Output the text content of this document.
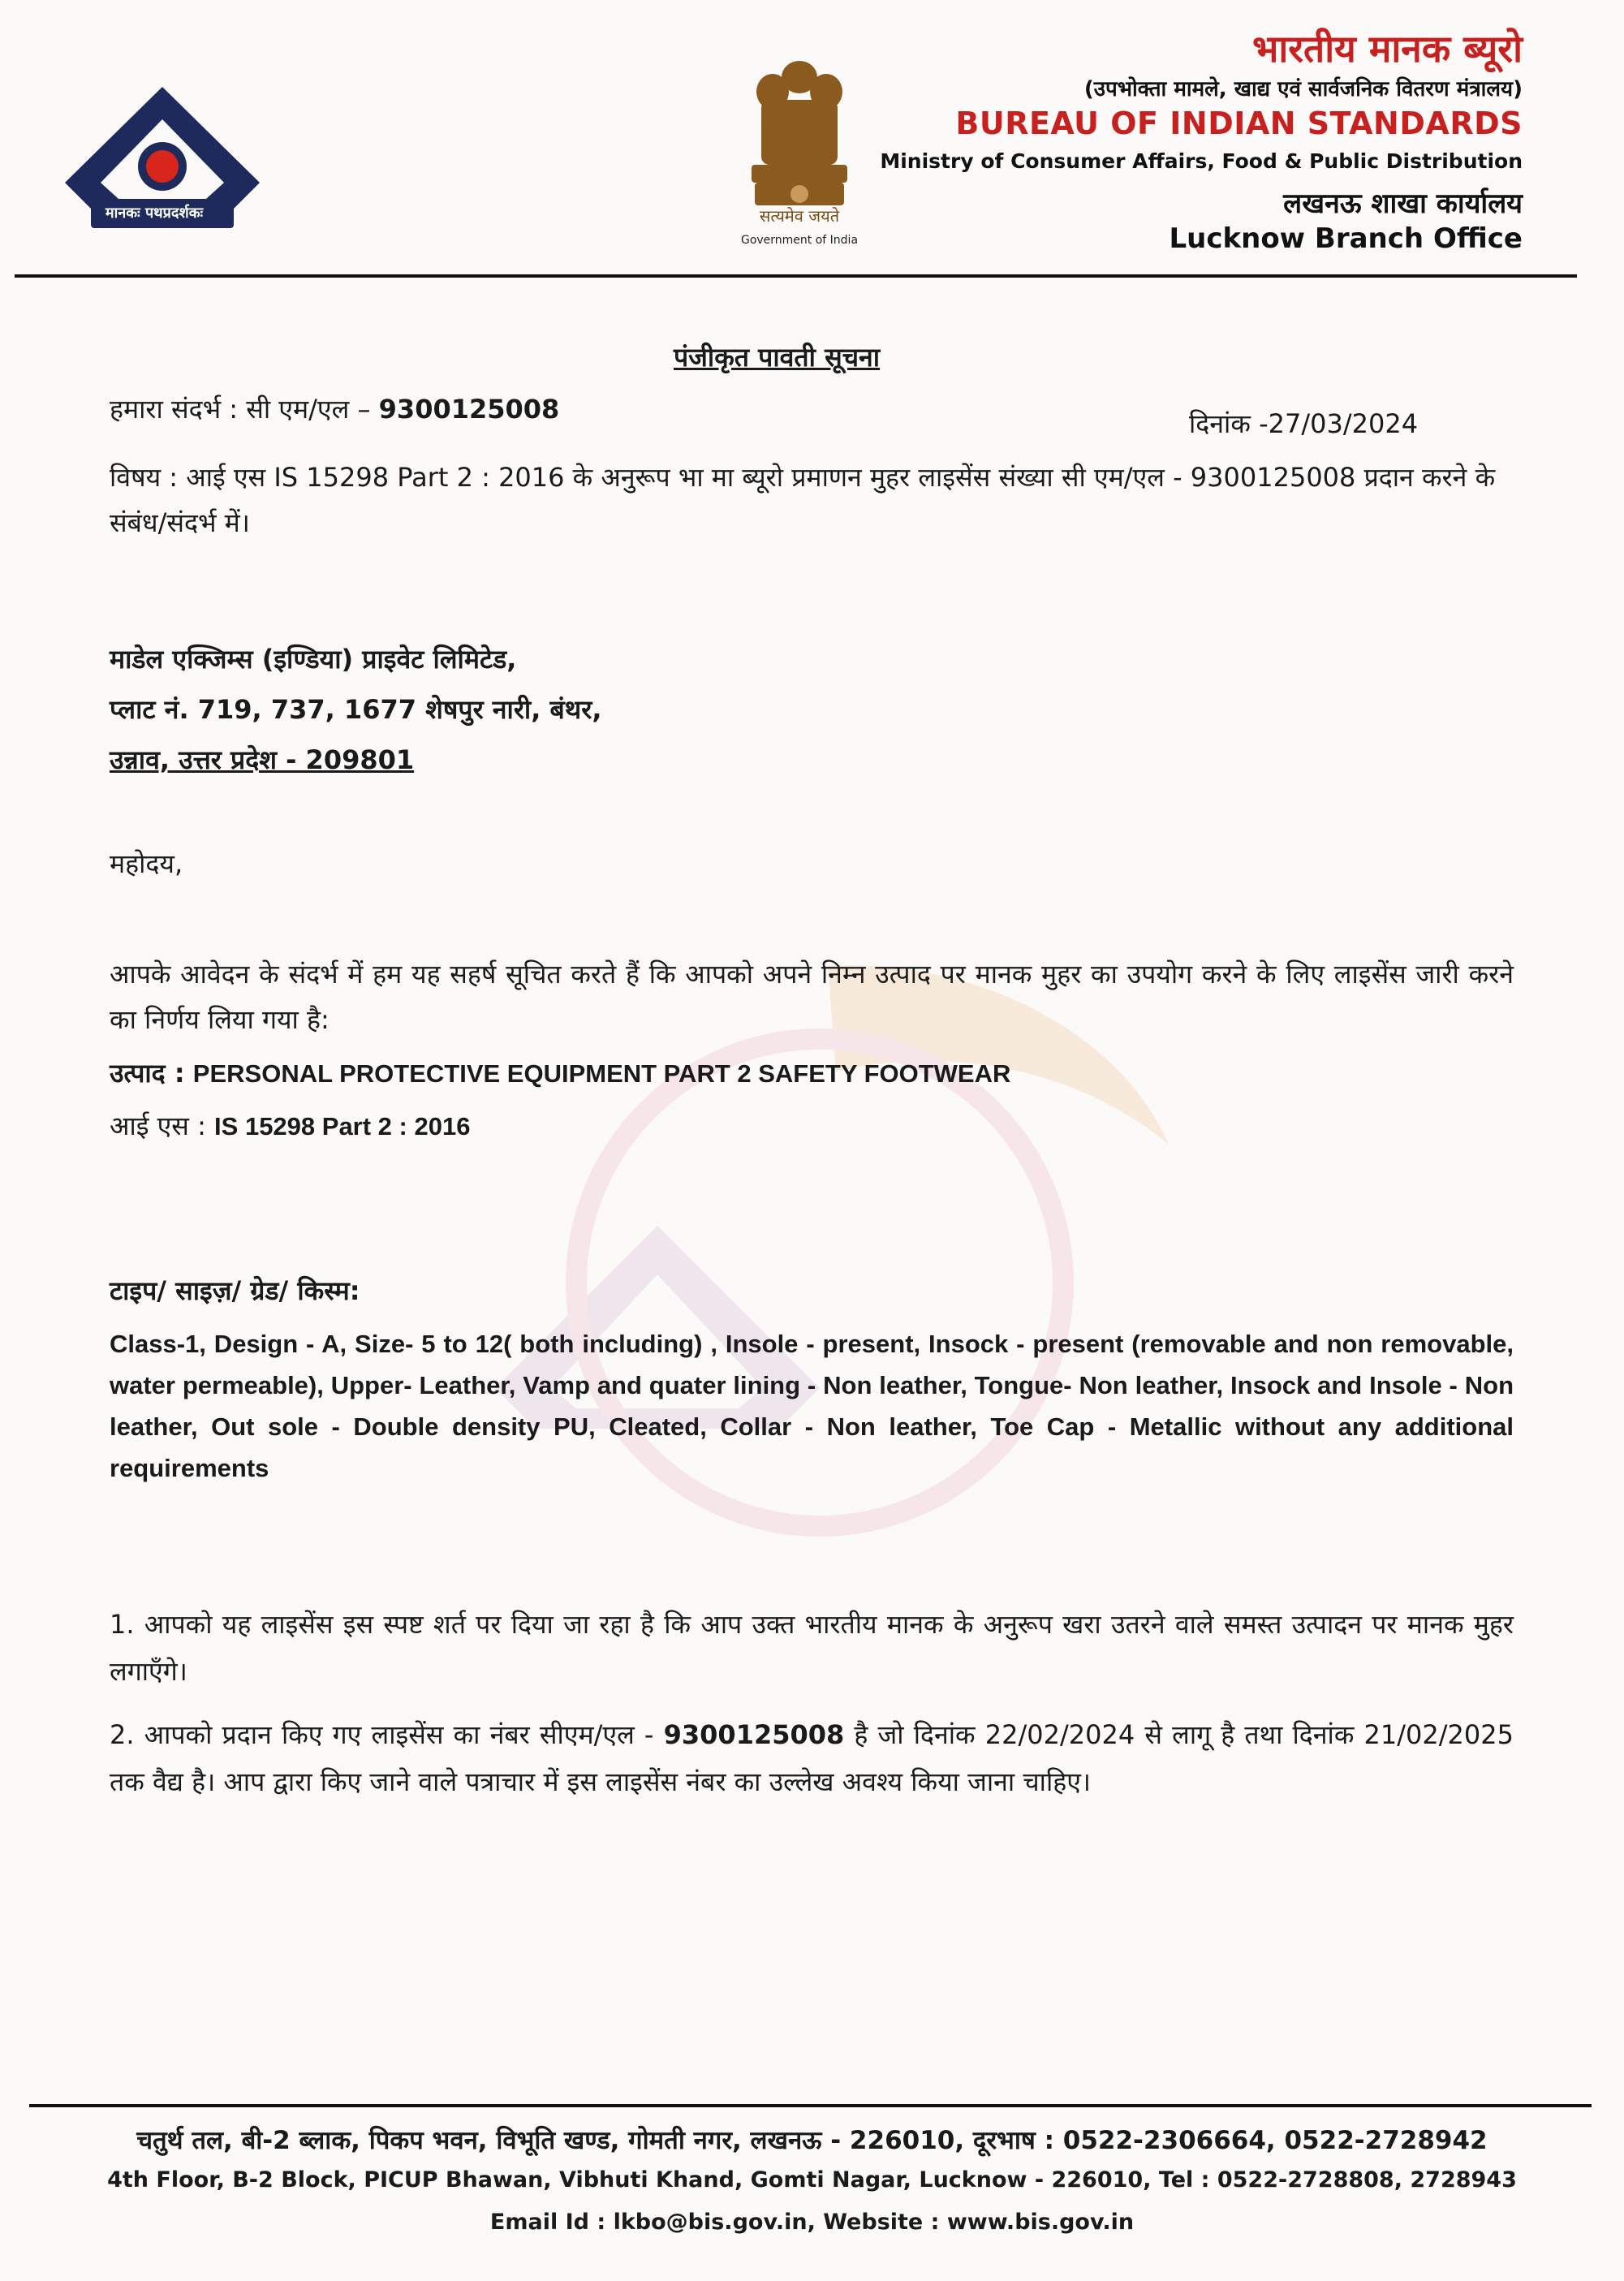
मानकः पथप्रदर्शकः	सत्यमेव जयते
Government of India
भारतीय मानक ब्यूरो
(उपभोक्ता मामले, खाद्य एवं सार्वजनिक वितरण मंत्रालय)
BUREAU OF INDIAN STANDARDS
Ministry of Consumer Affairs, Food & Public Distribution
लखनऊ शाखा कार्यालय
Lucknow Branch Office
पंजीकृत पावती सूचना
हमारा संदर्भ : सी एम/एल – 9300125008	दिनांक -27/03/2024
विषय : आई एस IS 15298 Part 2 : 2016 के अनुरूप भा मा ब्यूरो प्रमाणन मुहर लाइसेंस संख्या सी एम/एल - 9300125008 प्रदान करने के संबंध/संदर्भ में।
माडेल एक्जिम्स (इण्डिया) प्राइवेट लिमिटेड,
प्लाट नं. 719, 737, 1677 शेषपुर नारी, बंथर,
उन्नाव, उत्तर प्रदेश - 209801
महोदय,
आपके आवेदन के संदर्भ में हम यह सहर्ष सूचित करते हैं कि आपको अपने निम्न उत्पाद पर मानक मुहर का उपयोग करने के लिए लाइसेंस जारी करने का निर्णय लिया गया है:
उत्पाद : PERSONAL PROTECTIVE EQUIPMENT PART 2 SAFETY FOOTWEAR
आई एस : IS 15298 Part 2 : 2016
टाइप/ साइज़/ ग्रेड/ किस्म:
Class-1, Design - A, Size- 5 to 12( both including) , Insole - present, Insock - present (removable and non removable, water permeable), Upper- Leather, Vamp and quater lining - Non leather, Tongue- Non leather, Insock and Insole - Non leather, Out sole - Double density PU, Cleated, Collar - Non leather, Toe Cap - Metallic without any additional requirements
1. आपको यह लाइसेंस इस स्पष्ट शर्त पर दिया जा रहा है कि आप उक्त भारतीय मानक के अनुरूप खरा उतरने वाले समस्त उत्पादन पर मानक मुहर लगाएँगे।
2. आपको प्रदान किए गए लाइसेंस का नंबर सीएम/एल - 9300125008 है जो दिनांक 22/02/2024 से लागू है तथा दिनांक 21/02/2025 तक वैद्य है। आप द्वारा किए जाने वाले पत्राचार में इस लाइसेंस नंबर का उल्लेख अवश्य किया जाना चाहिए।
चतुर्थ तल, बी-2 ब्लाक, पिकप भवन, विभूति खण्ड, गोमती नगर, लखनऊ - 226010, दूरभाष : 0522-2306664, 0522-2728942
4th Floor, B-2 Block, PICUP Bhawan, Vibhuti Khand, Gomti Nagar, Lucknow - 226010, Tel : 0522-2728808, 2728943
Email Id : lkbo@bis.gov.in, Website : www.bis.gov.in
